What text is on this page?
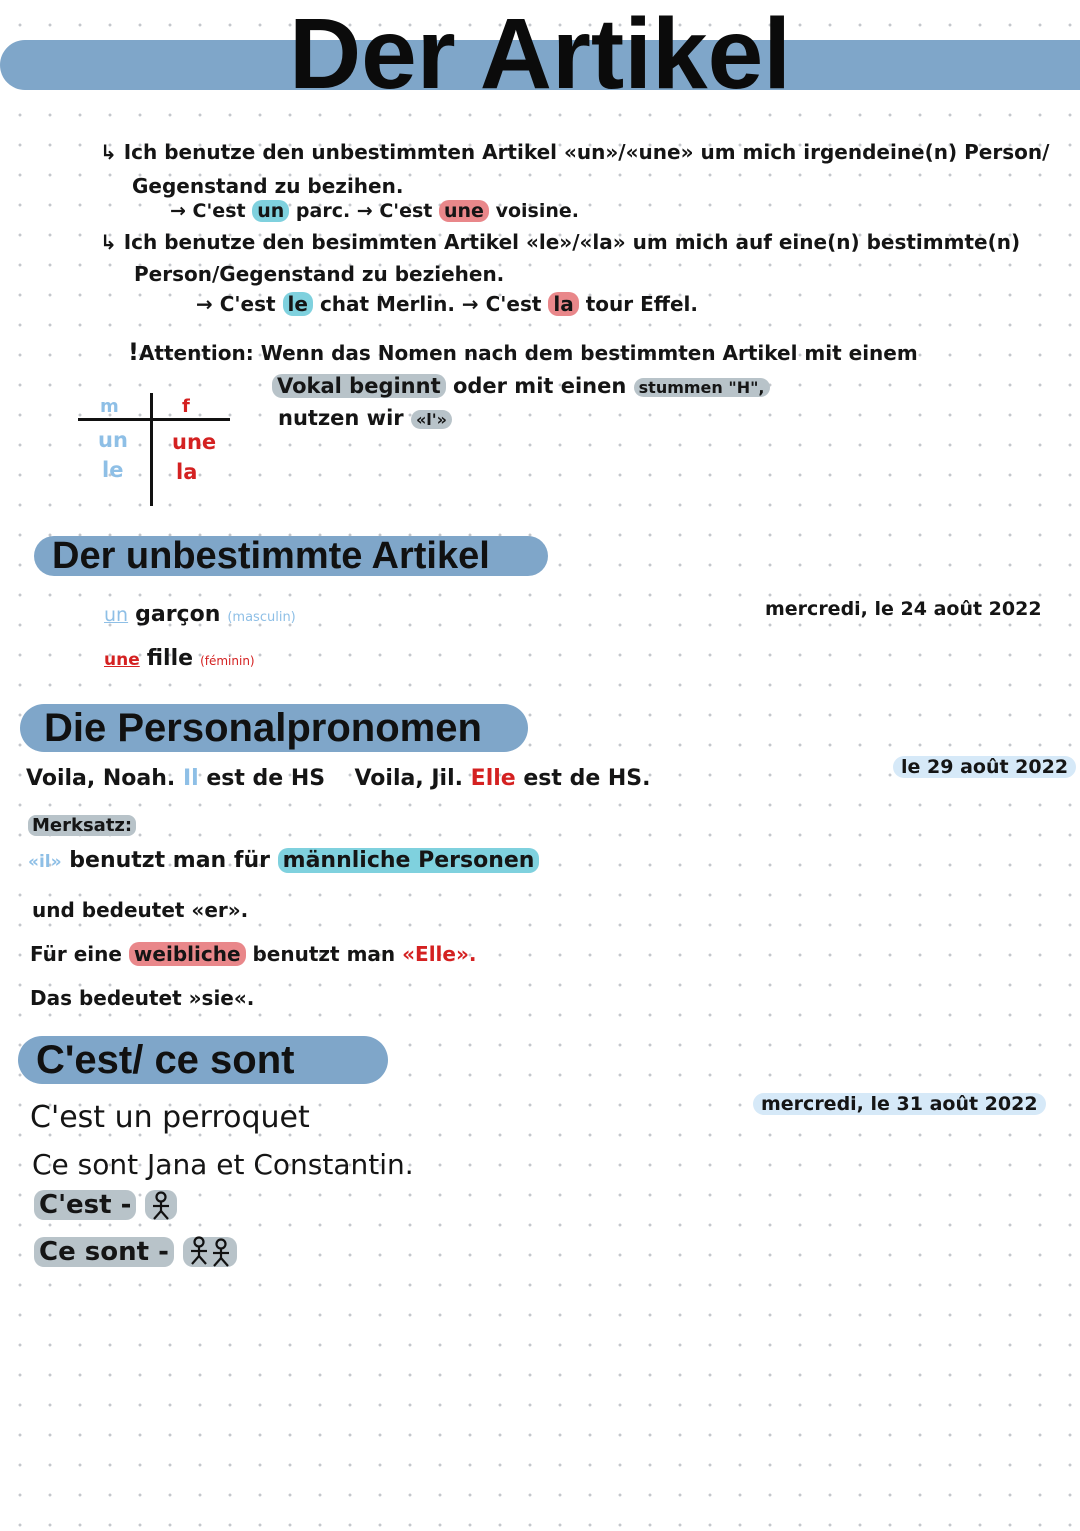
Der Artikel
↳ Ich benutze den unbestimmten Artikel «un»/«une» um mich irgendeine(n) Person/
Gegenstand zu bezihen.
→ C'est un parc. → C'est une voisine.
↳ Ich benutze den besimmten Artikel «le»/«la» um mich auf eine(n) bestimmte(n)
Person/Gegenstand zu beziehen.
→ C'est le chat Merlin. → C'est la tour Effel.
!Attention: Wenn das Nomen nach dem bestimmten Artikel mit einem
Vokal beginnt oder mit einen stummen "H",
nutzen wir «l'»
m	f
un une
le	la
Der unbestimmte Artikel
mercredi, le 24 août 2022
un garçon (masculin)
une fille (féminin)
Die Personalpronomen
le 29 août 2022
Voila, Noah. Il est de HS Voila, Jil. Elle est de HS.
Merksatz:
«il» benutzt man für männliche Personen
und bedeutet «er».
Für eine weibliche benutzt man «Elle».
Das bedeutet »sie«.
C'est/ ce sont
mercredi, le 31 août 2022
C'est un perroquet
Ce sont Jana et Constantin.
C'est -
Ce sont -
